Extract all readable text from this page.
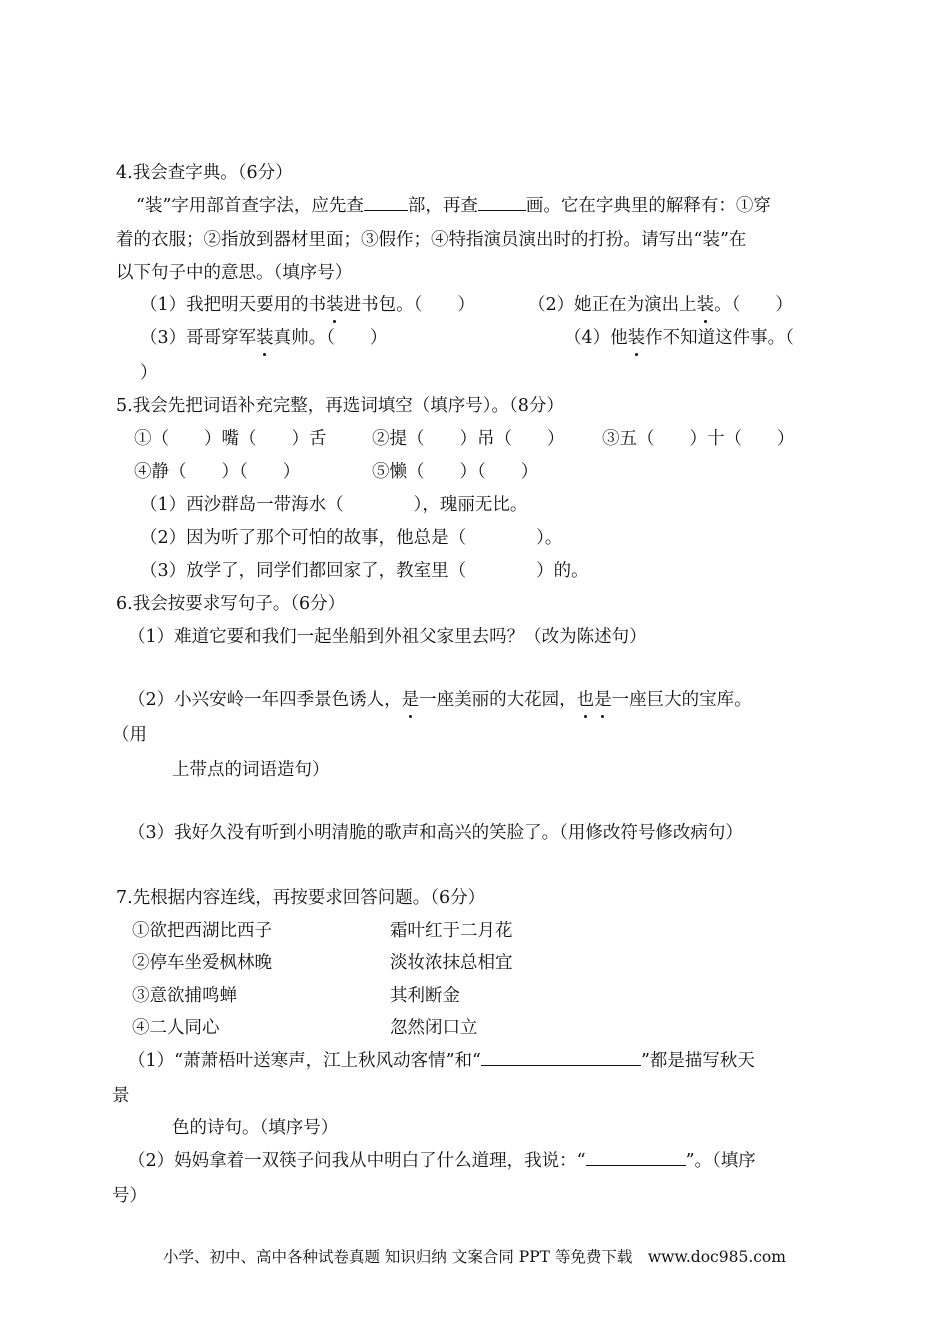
4.我会查字典。（6分）
“装”字用部首查字法，应先查	部，再查	画。它在字典里的解释有：①穿
着的衣服；②指放到器材里面；③假作；④特指演员演出时的打扮。请写出“装”在
以下句子中的意思。（填序号）
（1）我把明天要用的书装进书包。（　　）	（2）她正在为演出上装。（　　）
（3）哥哥穿军装真帅。（　　）	（4）他装作不知道这件事。（
）
5.我会先把词语补充完整，再选词填空（填序号）。（8分）
①（　　）嘴（　　）舌	②提（　　）吊（　　） ③五（　　）十（　　）
④静（　　）（　　）	⑤懒（　　）（　　）
（1）西沙群岛一带海水（　　　　），瑰丽无比。
（2）因为听了那个可怕的故事，他总是（　　　　）。
（3）放学了，同学们都回家了，教室里（　　　　）的。
6.我会按要求写句子。（6分）
（1）难道它要和我们一起坐船到外祖父家里去吗？（改为陈述句）
（2）小兴安岭一年四季景色诱人，是一座美丽的大花园，也是一座巨大的宝库。
（用
上带点的词语造句）
（3）我好久没有听到小明清脆的歌声和高兴的笑脸了。（用修改符号修改病句）
7.先根据内容连线，再按要求回答问题。（6分）
①欲把西湖比西子	霜叶红于二月花
②停车坐爱枫林晚	淡妆浓抹总相宜
③意欲捕鸣蝉	其利断金
④二人同心	忽然闭口立
（1）“萧萧梧叶送寒声，江上秋风动客情”和“	”都是描写秋天
景
色的诗句。（填序号）
（2）妈妈拿着一双筷子问我从中明白了什么道理，我说：“	”。（填序
号）
小学、初中、高中各种试卷真题 知识归纳 文案合同 PPT 等免费下载　www.doc985.com
